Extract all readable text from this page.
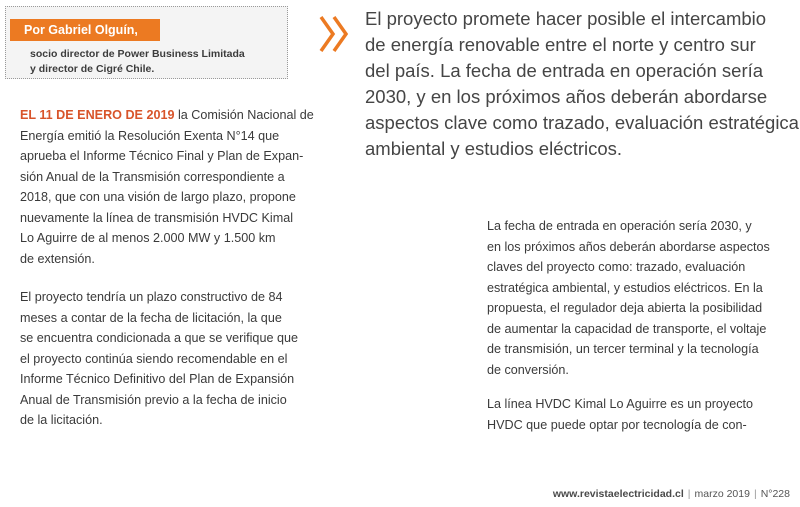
Por Gabriel Olguín,
socio director de Power Business Limitada
y director de Cigré Chile.
El proyecto promete hacer posible el intercambio
de energía renovable entre el norte y centro sur
del país. La fecha de entrada en operación sería
2030, y en los próximos años deberán abordarse
aspectos clave como trazado, evaluación estratégica
ambiental y estudios eléctricos.
EL 11 DE ENERO DE 2019 la Comisión Nacional de
Energía emitió la Resolución Exenta N°14 que
aprueba el Informe Técnico Final y Plan de Expan-
sión Anual de la Transmisión correspondiente a
2018, que con una visión de largo plazo, propone
nuevamente la línea de transmisión HVDC Kimal
Lo Aguirre de al menos 2.000 MW y 1.500 km
de extensión.
El proyecto tendría un plazo constructivo de 84
meses a contar de la fecha de licitación, la que
se encuentra condicionada a que se verifique que
el proyecto continúa siendo recomendable en el
Informe Técnico Definitivo del Plan de Expansión
Anual de Transmisión previo a la fecha de inicio
de la licitación.
La fecha de entrada en operación sería 2030, y
en los próximos años deberán abordarse aspectos
claves del proyecto como: trazado, evaluación
estratégica ambiental, y estudios eléctricos. En la
propuesta, el regulador deja abierta la posibilidad
de aumentar la capacidad de transporte, el voltaje
de transmisión, un tercer terminal y la tecnología
de conversión.
La línea HVDC Kimal Lo Aguirre es un proyecto
HVDC que puede optar por tecnología de con-
www.revistaelectricidad.cl | marzo 2019 | N°228
